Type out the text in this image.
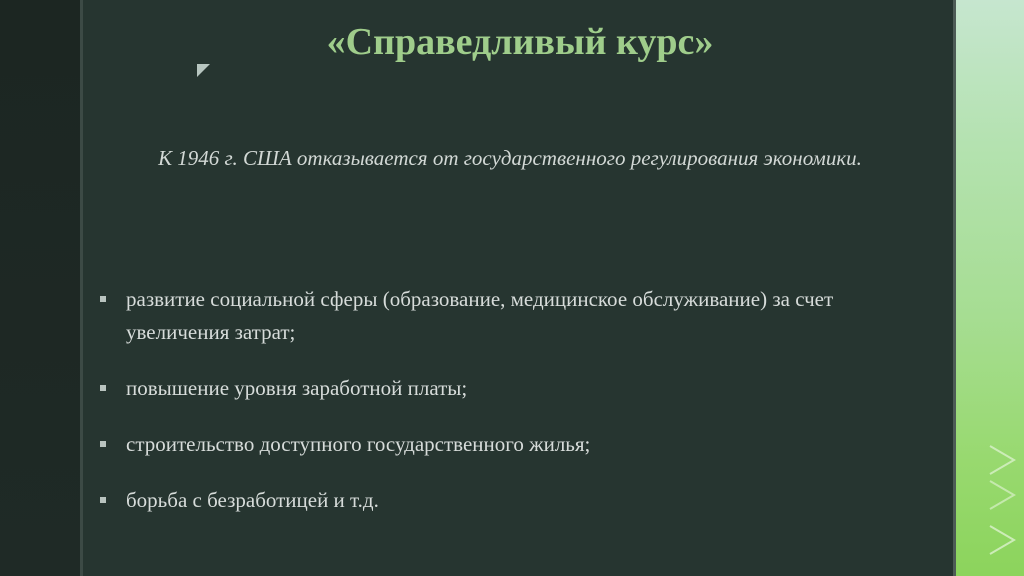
«Справедливый курс»
К 1946 г. США отказывается от государственного регулирования экономики.
развитие социальной сферы (образование, медицинское обслуживание) за счет увеличения затрат;
повышение уровня заработной платы;
строительство доступного государственного жилья;
борьба с безработицей и т.д.
